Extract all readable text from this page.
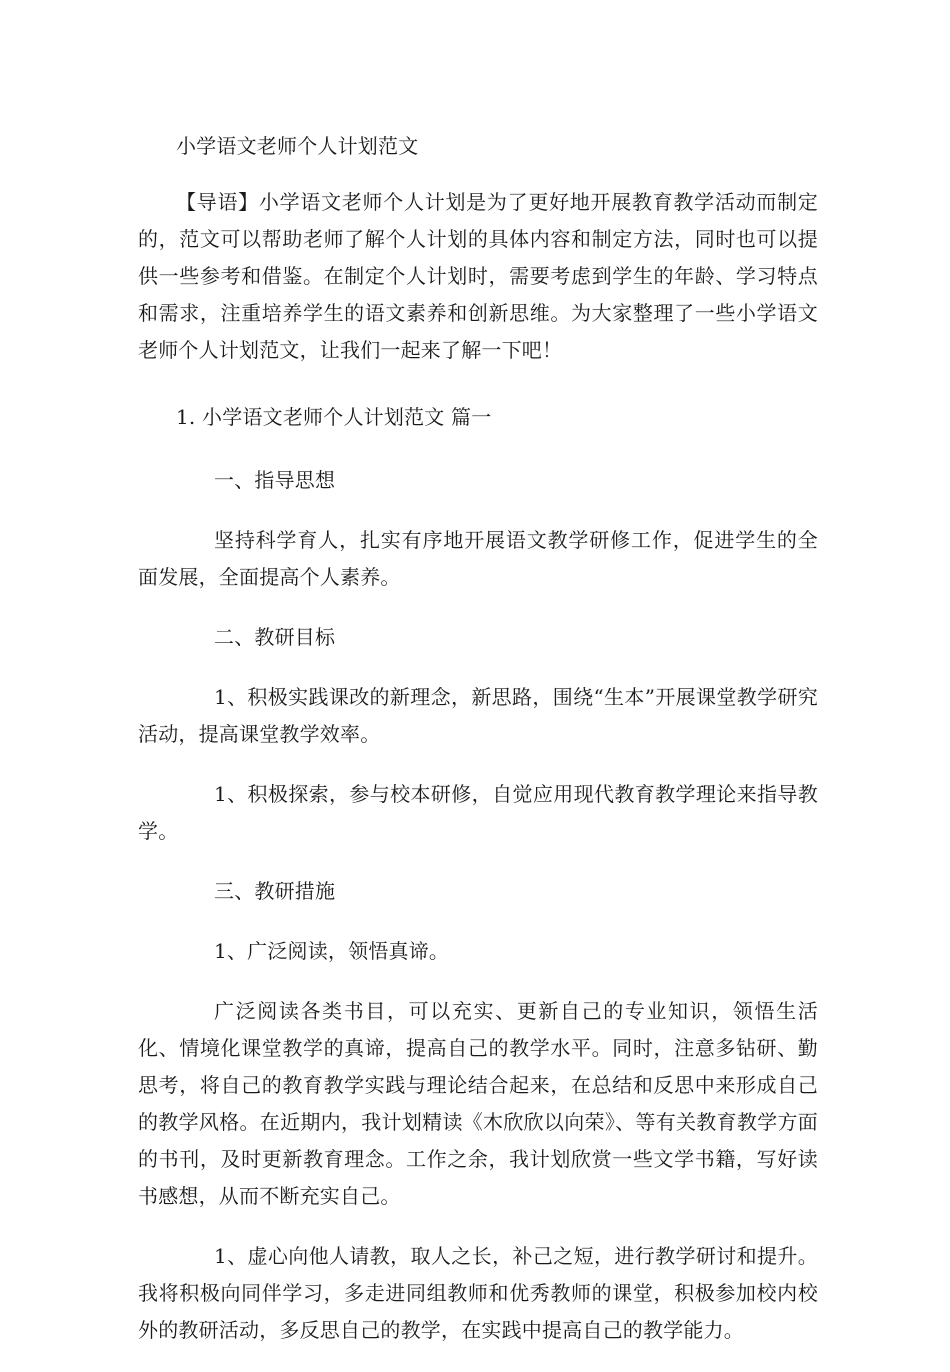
小学语文老师个人计划范文

【导语】小学语文老师个人计划是为了更好地开展教育教学活动而制定的，范文可以帮助老师了解个人计划的具体内容和制定方法，同时也可以提供一些参考和借鉴。在制定个人计划时，需要考虑到学生的年龄、学习特点和需求，注重培养学生的语文素养和创新思维。为大家整理了一些小学语文老师个人计划范文，让我们一起来了解一下吧！

1. 小学语文老师个人计划范文 篇一

一、指导思想

坚持科学育人，扎实有序地开展语文教学研修工作，促进学生的全面发展，全面提高个人素养。

二、教研目标

1、积极实践课改的新理念，新思路，围绕“生本”开展课堂教学研究活动，提高课堂教学效率。

1、积极探索，参与校本研修，自觉应用现代教育教学理论来指导教学。

三、教研措施

1、广泛阅读，领悟真谛。

广泛阅读各类书目，可以充实、更新自己的专业知识，领悟生活化、情境化课堂教学的真谛，提高自己的教学水平。同时，注意多钻研、勤思考，将自己的教育教学实践与理论结合起来，在总结和反思中来形成自己的教学风格。在近期内，我计划精读《木欣欣以向荣》、等有关教育教学方面的书刊，及时更新教育理念。工作之余，我计划欣赏一些文学书籍，写好读书感想，从而不断充实自己。

1、虚心向他人请教，取人之长，补己之短，进行教学研讨和提升。我将积极向同伴学习，多走进同组教师和优秀教师的课堂，积极参加校内校外的教研活动，多反思自己的教学，在实践中提高自己的教学能力。
